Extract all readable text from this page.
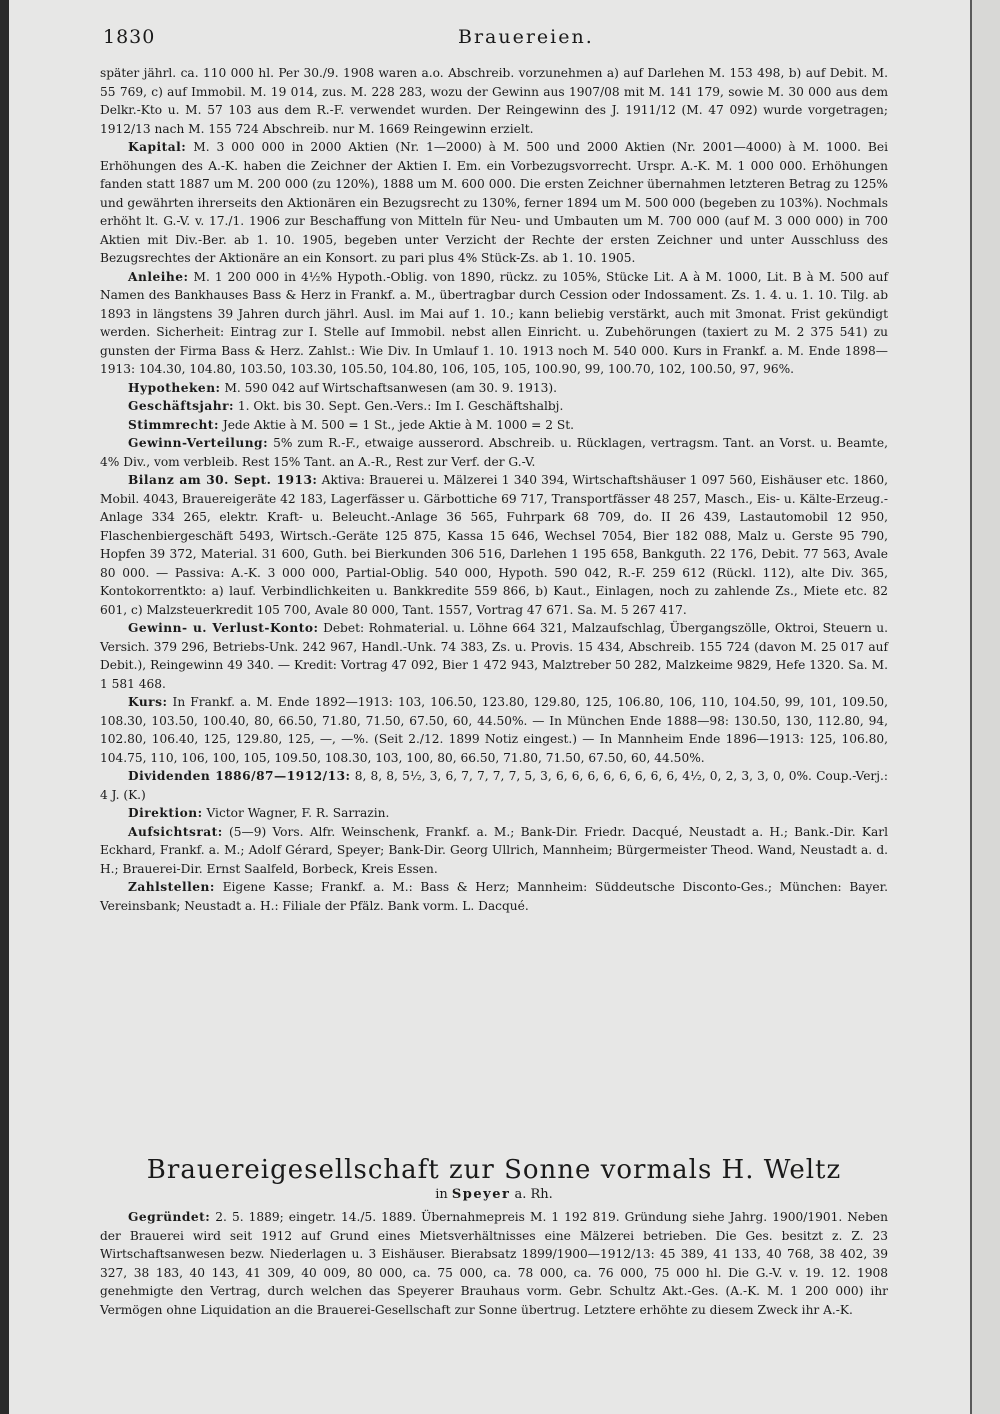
1830	Brauereien.

später jährl. ca. 110 000 hl. Per 30./9. 1908 waren a.o. Abschreib. vorzunehmen a) auf Darlehen M. 153 498, b) auf Debit. M. 55 769, c) auf Immobil. M. 19 014, zus. M. 228 283, wozu der Gewinn aus 1907/08 mit M. 141 179, sowie M. 30 000 aus dem Delkr.-Kto u. M. 57 103 aus dem R.-F. verwendet wurden. Der Reingewinn des J. 1911/12 (M. 47 092) wurde vorgetragen; 1912/13 nach M. 155 724 Abschreib. nur M. 1669 Reingewinn erzielt.

Kapital: M. 3 000 000 in 2000 Aktien (Nr. 1—2000) à M. 500 und 2000 Aktien (Nr. 2001—4000) à M. 1000. Bei Erhöhungen des A.-K. haben die Zeichner der Aktien I. Em. ein Vorbezugsvorrecht. Urspr. A.-K. M. 1 000 000. Erhöhungen fanden statt 1887 um M. 200 000 (zu 120%), 1888 um M. 600 000. Die ersten Zeichner übernahmen letzteren Betrag zu 125% und gewährten ihrerseits den Aktionären ein Bezugsrecht zu 130%, ferner 1894 um M. 500 000 (begeben zu 103%). Nochmals erhöht lt. G.-V. v. 17./1. 1906 zur Beschaffung von Mitteln für Neu- und Umbauten um M. 700 000 (auf M. 3 000 000) in 700 Aktien mit Div.-Ber. ab 1. 10. 1905, begeben unter Verzicht der Rechte der ersten Zeichner und unter Ausschluss des Bezugsrechtes der Aktionäre an ein Konsort. zu pari plus 4% Stück-Zs. ab 1. 10. 1905.

Anleihe: M. 1 200 000 in 4½% Hypoth.-Oblig. von 1890, rückz. zu 105%, Stücke Lit. A à M. 1000, Lit. B à M. 500 auf Namen des Bankhauses Bass & Herz in Frankf. a. M., übertragbar durch Cession oder Indossament. Zs. 1. 4. u. 1. 10. Tilg. ab 1893 in längstens 39 Jahren durch jährl. Ausl. im Mai auf 1. 10.; kann beliebig verstärkt, auch mit 3monat. Frist gekündigt werden. Sicherheit: Eintrag zur I. Stelle auf Immobil. nebst allen Einricht. u. Zubehörungen (taxiert zu M. 2 375 541) zu gunsten der Firma Bass & Herz. Zahlst.: Wie Div. In Umlauf 1. 10. 1913 noch M. 540 000. Kurs in Frankf. a. M. Ende 1898—1913: 104.30, 104.80, 103.50, 103.30, 105.50, 104.80, 106, 105, 105, 100.90, 99, 100.70, 102, 100.50, 97, 96%.

Hypotheken: M. 590 042 auf Wirtschaftsanwesen (am 30. 9. 1913).

Geschäftsjahr: 1. Okt. bis 30. Sept. Gen.-Vers.: Im I. Geschäftshalbj.

Stimmrecht: Jede Aktie à M. 500 = 1 St., jede Aktie à M. 1000 = 2 St.

Gewinn-Verteilung: 5% zum R.-F., etwaige ausserord. Abschreib. u. Rücklagen, vertragsm. Tant. an Vorst. u. Beamte, 4% Div., vom verbleib. Rest 15% Tant. an A.-R., Rest zur Verf. der G.-V.

Bilanz am 30. Sept. 1913: Aktiva: Brauerei u. Mälzerei 1 340 394, Wirtschaftshäuser 1 097 560, Eishäuser etc. 1860, Mobil. 4043, Brauereigeräte 42 183, Lagerfässer u. Gärbottiche 69 717, Transportfässer 48 257, Masch., Eis- u. Kälte-Erzeug.-Anlage 334 265, elektr. Kraft- u. Beleucht.-Anlage 36 565, Fuhrpark 68 709, do. II 26 439, Lastautomobil 12 950, Flaschenbiergeschäft 5493, Wirtsch.-Geräte 125 875, Kassa 15 646, Wechsel 7054, Bier 182 088, Malz u. Gerste 95 790, Hopfen 39 372, Material. 31 600, Guth. bei Bierkunden 306 516, Darlehen 1 195 658, Bankguth. 22 176, Debit. 77 563, Avale 80 000. — Passiva: A.-K. 3 000 000, Partial-Oblig. 540 000, Hypoth. 590 042, R.-F. 259 612 (Rückl. 112), alte Div. 365, Kontokorrentkto: a) lauf. Verbindlichkeiten u. Bankkredite 559 866, b) Kaut., Einlagen, noch zu zahlende Zs., Miete etc. 82 601, c) Malzsteuerkredit 105 700, Avale 80 000, Tant. 1557, Vortrag 47 671. Sa. M. 5 267 417.

Gewinn- u. Verlust-Konto: Debet: Rohmaterial. u. Löhne 664 321, Malzaufschlag, Übergangszölle, Oktroi, Steuern u. Versich. 379 296, Betriebs-Unk. 242 967, Handl.-Unk. 74 383, Zs. u. Provis. 15 434, Abschreib. 155 724 (davon M. 25 017 auf Debit.), Reingewinn 49 340. — Kredit: Vortrag 47 092, Bier 1 472 943, Malztreber 50 282, Malzkeime 9829, Hefe 1320. Sa. M. 1 581 468.

Kurs: In Frankf. a. M. Ende 1892—1913: 103, 106.50, 123.80, 129.80, 125, 106.80, 106, 110, 104.50, 99, 101, 109.50, 108.30, 103.50, 100.40, 80, 66.50, 71.80, 71.50, 67.50, 60, 44.50%. — In München Ende 1888—98: 130.50, 130, 112.80, 94, 102.80, 106.40, 125, 129.80, 125, —, —%. (Seit 2./12. 1899 Notiz eingest.) — In Mannheim Ende 1896—1913: 125, 106.80, 104.75, 110, 106, 100, 105, 109.50, 108.30, 103, 100, 80, 66.50, 71.80, 71.50, 67.50, 60, 44.50%.

Dividenden 1886/87—1912/13: 8, 8, 8, 5½, 3, 6, 7, 7, 7, 7, 5, 3, 6, 6, 6, 6, 6, 6, 6, 6, 4½, 0, 2, 3, 3, 0, 0%. Coup.-Verj.: 4 J. (K.)

Direktion: Victor Wagner, F. R. Sarrazin.

Aufsichtsrat: (5—9) Vors. Alfr. Weinschenk, Frankf. a. M.; Bank-Dir. Friedr. Dacqué, Neustadt a. H.; Bank.-Dir. Karl Eckhard, Frankf. a. M.; Adolf Gérard, Speyer; Bank-Dir. Georg Ullrich, Mannheim; Bürgermeister Theod. Wand, Neustadt a. d. H.; Brauerei-Dir. Ernst Saalfeld, Borbeck, Kreis Essen.

Zahlstellen: Eigene Kasse; Frankf. a. M.: Bass & Herz; Mannheim: Süddeutsche Disconto-Ges.; München: Bayer. Vereinsbank; Neustadt a. H.: Filiale der Pfälz. Bank vorm. L. Dacqué.

Brauereigesellschaft zur Sonne vormals H. Weltz
in Speyer a. Rh.

Gegründet: 2. 5. 1889; eingetr. 14./5. 1889. Übernahmepreis M. 1 192 819. Gründung siehe Jahrg. 1900/1901. Neben der Brauerei wird seit 1912 auf Grund eines Mietsverhältnisses eine Mälzerei betrieben. Die Ges. besitzt z. Z. 23 Wirtschaftsanwesen bezw. Niederlagen u. 3 Eishäuser. Bierabsatz 1899/1900—1912/13: 45 389, 41 133, 40 768, 38 402, 39 327, 38 183, 40 143, 41 309, 40 009, 80 000, ca. 75 000, ca. 78 000, ca. 76 000, 75 000 hl. Die G.-V. v. 19. 12. 1908 genehmigte den Vertrag, durch welchen das Speyerer Brauhaus vorm. Gebr. Schultz Akt.-Ges. (A.-K. M. 1 200 000) ihr Vermögen ohne Liquidation an die Brauerei-Gesellschaft zur Sonne übertrug. Letztere erhöhte zu diesem Zweck ihr A.-K.
